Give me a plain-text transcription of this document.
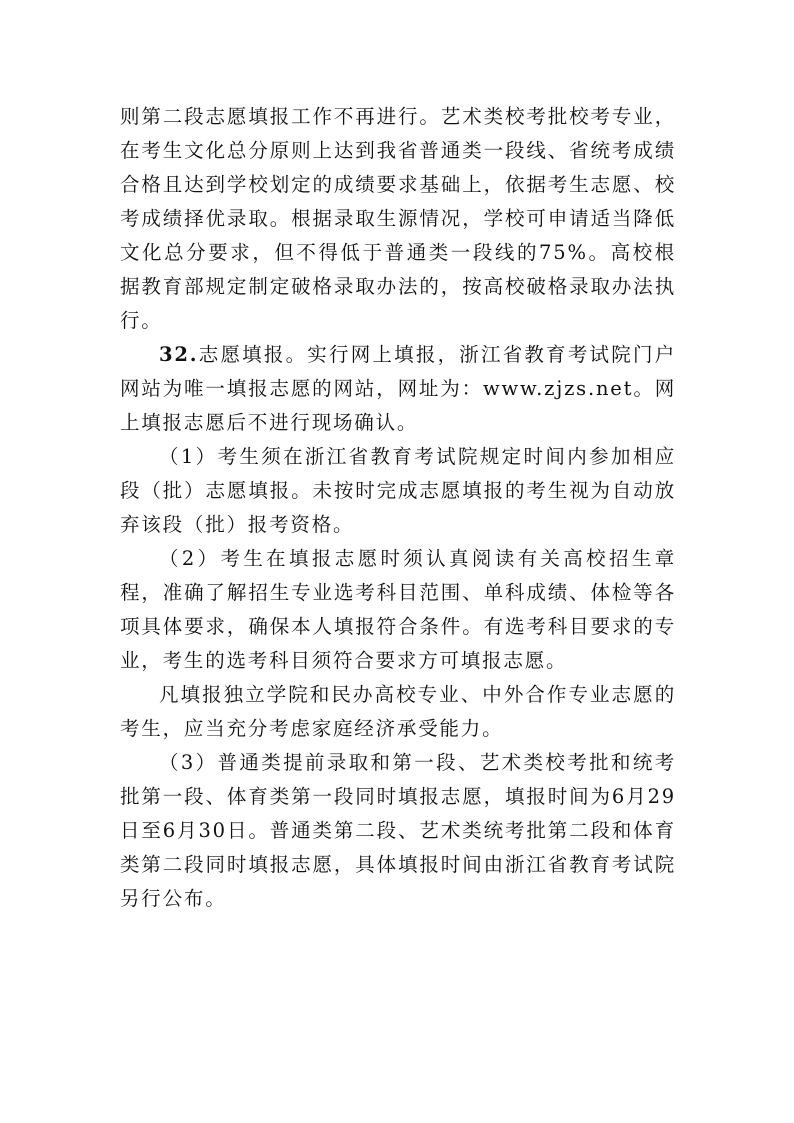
则第二段志愿填报工作不再进行。艺术类校考批校考专业，在考生文化总分原则上达到我省普通类一段线、省统考成绩合格且达到学校划定的成绩要求基础上，依据考生志愿、校考成绩择优录取。根据录取生源情况，学校可申请适当降低文化总分要求，但不得低于普通类一段线的75%。高校根据教育部规定制定破格录取办法的，按高校破格录取办法执行。

32.志愿填报。实行网上填报，浙江省教育考试院门户网站为唯一填报志愿的网站，网址为：www.zjzs.net。网上填报志愿后不进行现场确认。

（1）考生须在浙江省教育考试院规定时间内参加相应段（批）志愿填报。未按时完成志愿填报的考生视为自动放弃该段（批）报考资格。

（2）考生在填报志愿时须认真阅读有关高校招生章程，准确了解招生专业选考科目范围、单科成绩、体检等各项具体要求，确保本人填报符合条件。有选考科目要求的专业，考生的选考科目须符合要求方可填报志愿。

凡填报独立学院和民办高校专业、中外合作专业志愿的考生，应当充分考虑家庭经济承受能力。

（3）普通类提前录取和第一段、艺术类校考批和统考批第一段、体育类第一段同时填报志愿，填报时间为6月29日至6月30日。普通类第二段、艺术类统考批第二段和体育类第二段同时填报志愿，具体填报时间由浙江省教育考试院另行公布。
